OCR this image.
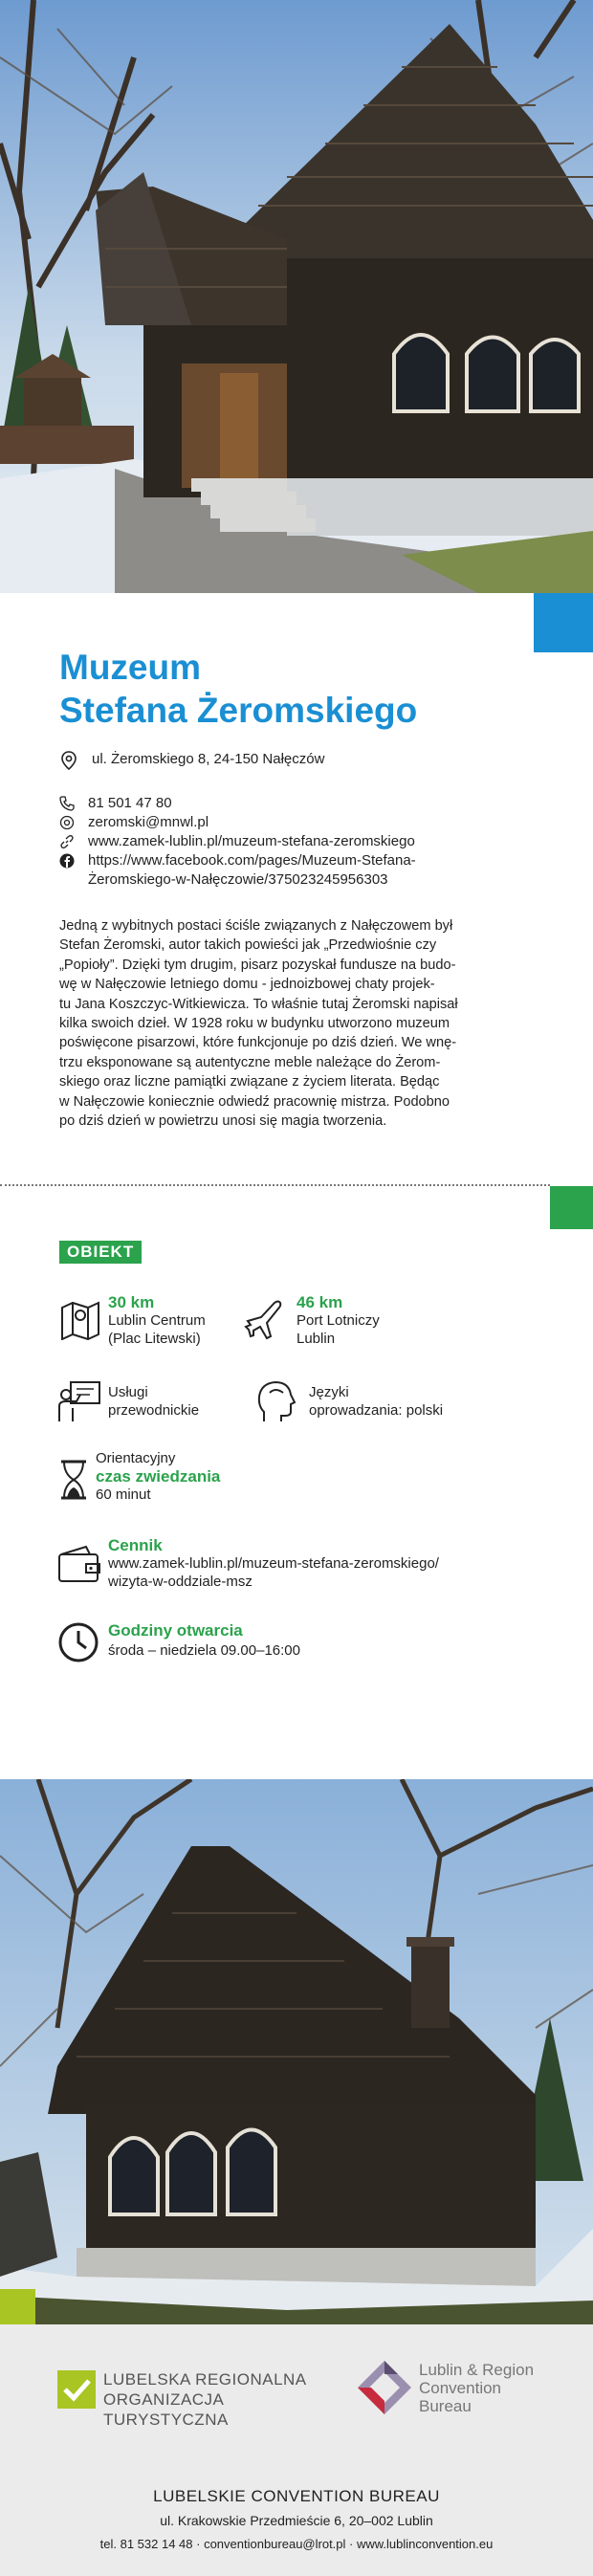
Muzeum
Stefana Żeromskiego
ul. Żeromskiego 8, 24-150 Nałęczów
81 501 47 80
zeromski@mnwl.pl
www.zamek-lublin.pl/muzeum-stefana-zeromskiego
https://www.facebook.com/pages/Muzeum-Stefana-
Żeromskiego-w-Nałęczowie/375023245956303
Jedną z wybitnych postaci ściśle związanych z Nałęczowem był
Stefan Żeromski, autor takich powieści jak „Przedwiośnie czy
„Popioły”. Dzięki tym drugim, pisarz pozyskał fundusze na budo-
wę w Nałęczowie letniego domu - jednoizbowej chaty projek-
tu Jana Koszczyc-Witkiewicza. To właśnie tutaj Żeromski napisał
kilka swoich dzieł. W 1928 roku w budynku utworzono muzeum
poświęcone pisarzowi, które funkcjonuje po dziś dzień. We wnę-
trzu eksponowane są autentyczne meble należące do Żerom-
skiego oraz liczne pamiątki związane z życiem literata. Będąc
w Nałęczowie koniecznie odwiedź pracownię mistrza. Podobno
po dziś dzień w powietrzu unosi się magia tworzenia.
OBIEKT
30 km
Lublin Centrum
(Plac Litewski)
46 km
Port Lotniczy
Lublin
Usługi
przewodnickie
Języki
oprowadzania: polski
Orientacyjny
czas zwiedzania
60 minut
Cennik
www.zamek-lublin.pl/muzeum-stefana-zeromskiego/
wizyta-w-oddziale-msz
Godziny otwarcia
środa – niedziela 09.00–16:00
LUBELSKA REGIONALNA
ORGANIZACJA TURYSTYCZNA
Lublin & Region
Convention
Bureau
LUBELSKIE CONVENTION BUREAU
ul. Krakowskie Przedmieście 6, 20–002 Lublin
tel. 81 532 14 48 · conventionbureau@lrot.pl · www.lublinconvention.eu
